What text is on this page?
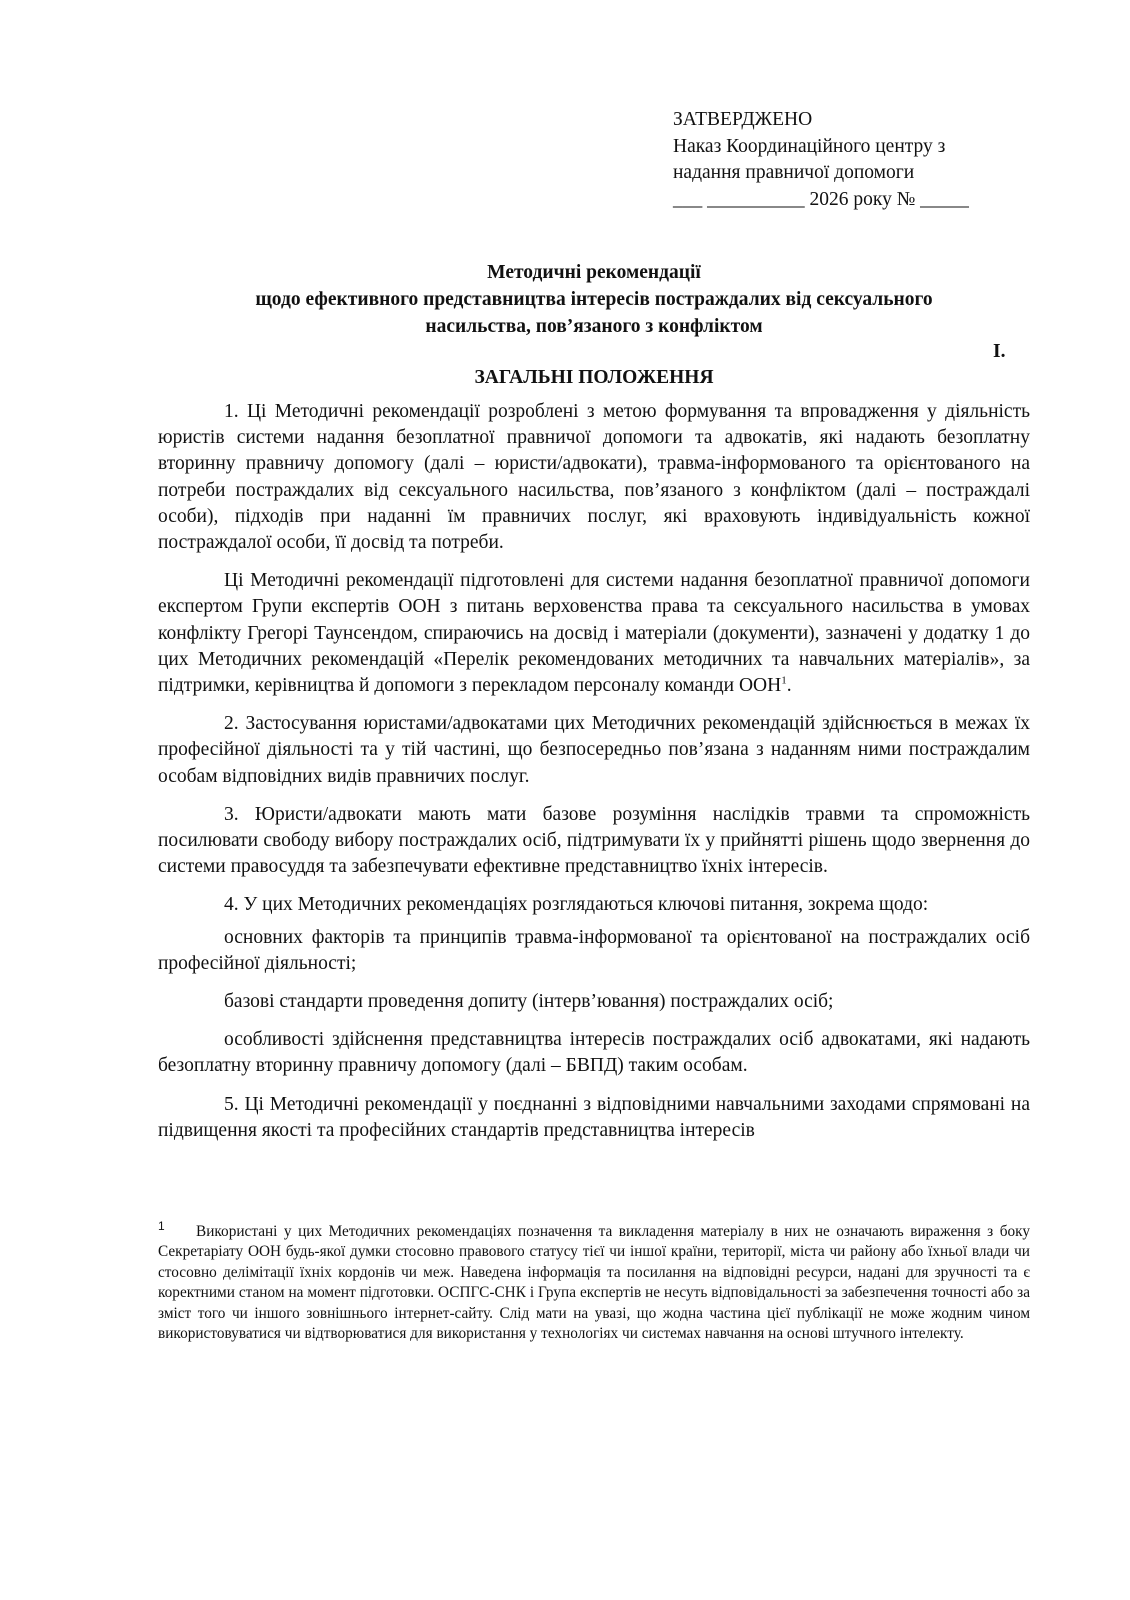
ЗАТВЕРДЖЕНО
Наказ Координаційного центру з
надання правничої допомоги
___ __________ 2026 року № _____
Методичні рекомендації
щодо ефективного представництва інтересів постраждалих від сексуального
насильства, пов’язаного з конфліктом
I.
ЗАГАЛЬНІ ПОЛОЖЕННЯ

1. Ці Методичні рекомендації розроблені з метою формування та впровадження у діяльність юристів системи надання безоплатної правничої допомоги та адвокатів, які надають безоплатну вторинну правничу допомогу (далі – юристи/адвокати), травма-інформованого та орієнтованого на потреби постраждалих від сексуального насильства, пов’язаного з конфліктом (далі – постраждалі особи), підходів при наданні їм правничих послуг, які враховують індивідуальність кожної постраждалої особи, її досвід та потреби.

Ці Методичні рекомендації підготовлені для системи надання безоплатної правничої допомоги експертом Групи експертів ООН з питань верховенства права та сексуального насильства в умовах конфлікту Грегорі Таунсендом, спираючись на досвід і матеріали (документи), зазначені у додатку 1 до цих Методичних рекомендацій «Перелік рекомендованих методичних та навчальних матеріалів», за підтримки, керівництва й допомоги з перекладом персоналу команди ООН$^1$.

2. Застосування юристами/адвокатами цих Методичних рекомендацій здійснюється в межах їх професійної діяльності та у тій частині, що безпосередньо пов’язана з наданням ними постраждалим особам відповідних видів правничих послуг.

3. Юристи/адвокати мають мати базове розуміння наслідків травми та спроможність посилювати свободу вибору постраждалих осіб, підтримувати їх у прийнятті рішень щодо звернення до системи правосуддя та забезпечувати ефективне представництво їхніх інтересів.

4. У цих Методичних рекомендаціях розглядаються ключові питання, зокрема щодо:

основних факторів та принципів травма-інформованої та орієнтованої на постраждалих осіб професійної діяльності;

базові стандарти проведення допиту (інтерв’ювання) постраждалих осіб;

особливості здійснення представництва інтересів постраждалих осіб адвокатами, які надають безоплатну вторинну правничу допомогу (далі – БВПД) таким особам.

5. Ці Методичні рекомендації у поєднанні з відповідними навчальними заходами спрямовані на підвищення якості та професійних стандартів представництва інтересів

1 Використані у цих Методичних рекомендаціях позначення та викладення матеріалу в них не означають вираження з боку Секретаріату ООН будь-якої думки стосовно правового статусу тієї чи іншої країни, території, міста чи району або їхньої влади чи стосовно делімітації їхніх кордонів чи меж. Наведена інформація та посилання на відповідні ресурси, надані для зручності та є коректними станом на момент підготовки. ОСПГС-СНК і Група експертів не несуть відповідальності за забезпечення точності або за зміст того чи іншого зовнішнього інтернет-сайту. Слід мати на увазі, що жодна частина цієї публікації не може жодним чином використовуватися чи відтворюватися для використання у технологіях чи системах навчання на основі штучного інтелекту.
